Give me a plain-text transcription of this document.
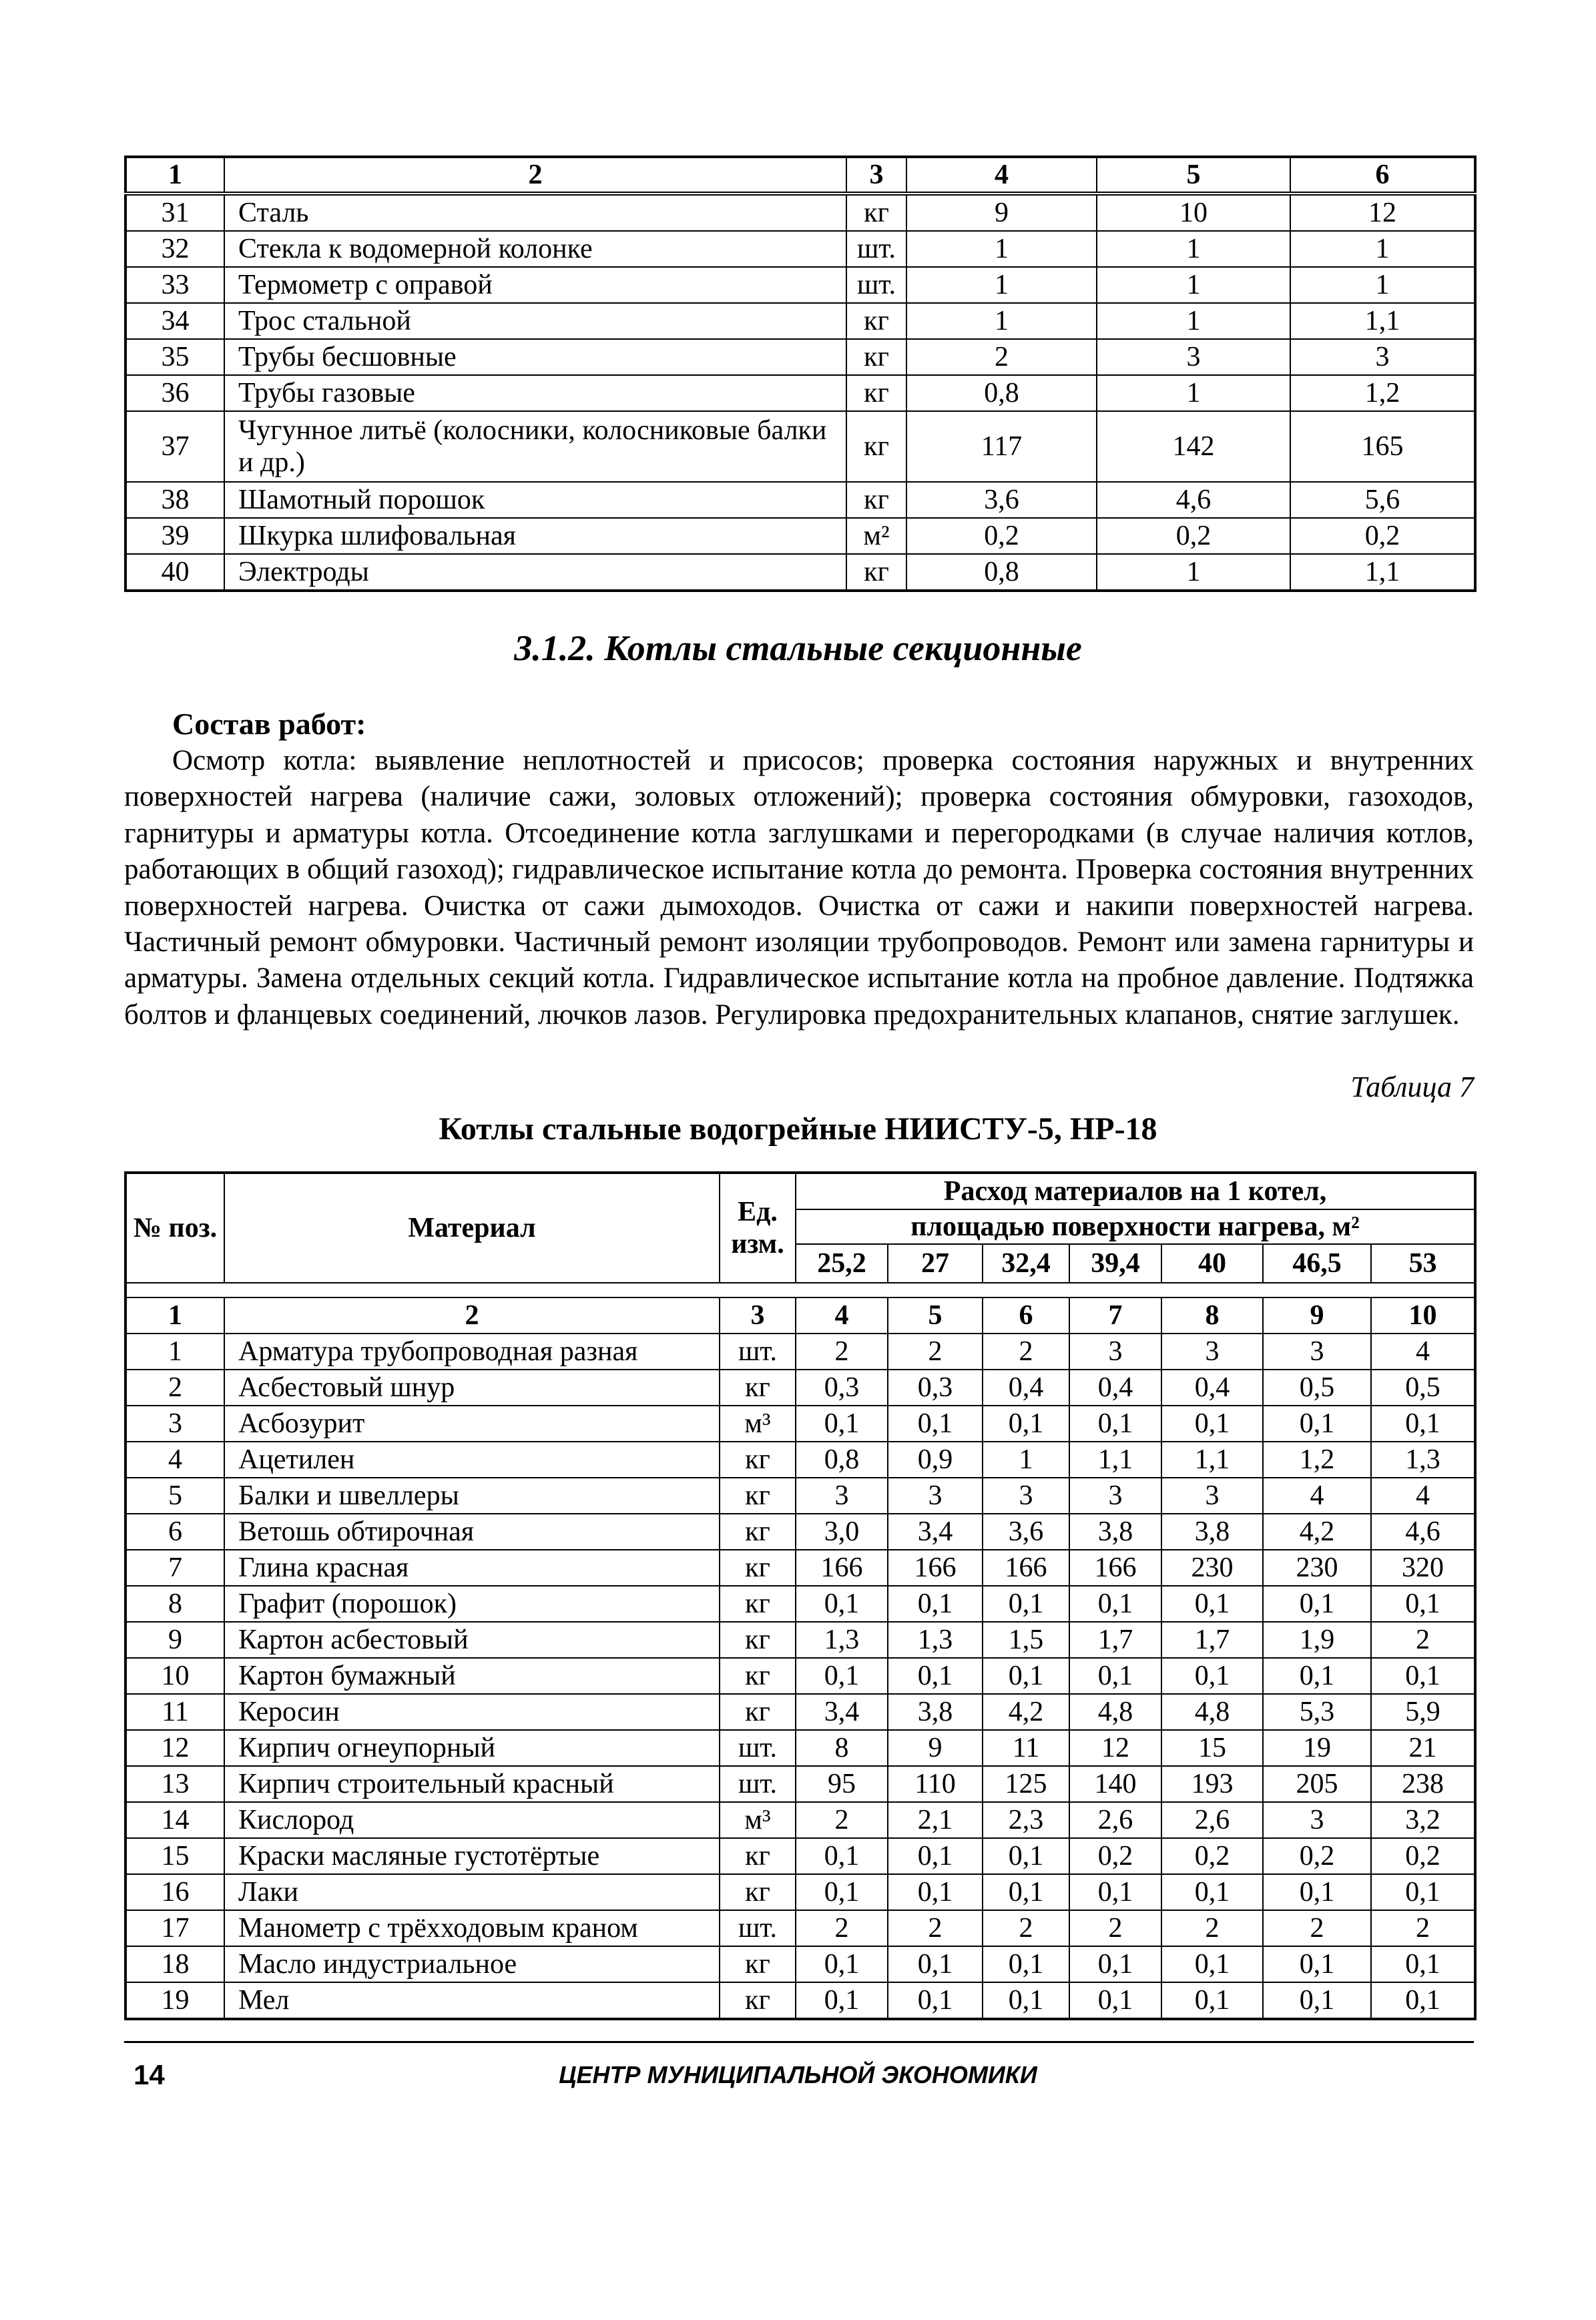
1	2	3	4	5	6
31	Сталь	кг	9	10	12
32	Стекла к водомерной колонке	шт.	1	1	1
33	Термометр с оправой	шт.	1	1	1
34	Трос стальной	кг	1	1	1,1
35	Трубы бесшовные	кг	2	3	3
36	Трубы газовые	кг	0,8	1	1,2
37	Чугунное литьё (колосники, колосниковые балки и др.)	кг	117	142	165
38	Шамотный порошок	кг	3,6	4,6	5,6
39	Шкурка шлифовальная	м²	0,2	0,2	0,2
40	Электроды	кг	0,8	1	1,1
3.1.2. Котлы стальные секционные
Состав работ:
Осмотр котла: выявление неплотностей и присосов; проверка состояния наружных и внутренних поверхностей нагрева (наличие сажи, золовых отложений); проверка состояния обмуровки, газоходов, гарнитуры и арматуры котла. Отсоединение котла заглушками и перегородками (в случае наличия котлов, работающих в общий газоход); гидравлическое испытание котла до ремонта. Проверка состояния внутренних поверхностей нагрева. Очистка от сажи дымоходов. Очистка от сажи и накипи поверхностей нагрева. Частичный ремонт обмуровки. Частичный ремонт изоляции трубопроводов. Ремонт или замена гарнитуры и арматуры. Замена отдельных секций котла. Гидравлическое испытание котла на пробное давление. Подтяжка болтов и фланцевых соединений, лючков лазов. Регулировка предохранительных клапанов, снятие заглушек.
Таблица 7
Котлы стальные водогрейные НИИСТУ-5, НР-18
№ поз.	Материал	Ед. изм.	Расход материалов на 1 котел,						
			площадью поверхности нагрева, м²						
			25,2	27	32,4	39,4	40	46,5	53

1	2	3	4	5	6	7	8	9	10
1	Арматура трубопроводная разная	шт.	2	2	2	3	3	3	4
2	Асбестовый шнур	кг	0,3	0,3	0,4	0,4	0,4	0,5	0,5
3	Асбозурит	м³	0,1	0,1	0,1	0,1	0,1	0,1	0,1
4	Ацетилен	кг	0,8	0,9	1	1,1	1,1	1,2	1,3
5	Балки и швеллеры	кг	3	3	3	3	3	4	4
6	Ветошь обтирочная	кг	3,0	3,4	3,6	3,8	3,8	4,2	4,6
7	Глина красная	кг	166	166	166	166	230	230	320
8	Графит (порошок)	кг	0,1	0,1	0,1	0,1	0,1	0,1	0,1
9	Картон асбестовый	кг	1,3	1,3	1,5	1,7	1,7	1,9	2
10	Картон бумажный	кг	0,1	0,1	0,1	0,1	0,1	0,1	0,1
11	Керосин	кг	3,4	3,8	4,2	4,8	4,8	5,3	5,9
12	Кирпич огнеупорный	шт.	8	9	11	12	15	19	21
13	Кирпич строительный красный	шт.	95	110	125	140	193	205	238
14	Кислород	м³	2	2,1	2,3	2,6	2,6	3	3,2
15	Краски масляные густотёртые	кг	0,1	0,1	0,1	0,2	0,2	0,2	0,2
16	Лаки	кг	0,1	0,1	0,1	0,1	0,1	0,1	0,1
17	Манометр с трёхходовым краном	шт.	2	2	2	2	2	2	2
18	Масло индустриальное	кг	0,1	0,1	0,1	0,1	0,1	0,1	0,1
19	Мел	кг	0,1	0,1	0,1	0,1	0,1	0,1	0,1
14	ЦЕНТР МУНИЦИПАЛЬНОЙ ЭКОНОМИКИ
